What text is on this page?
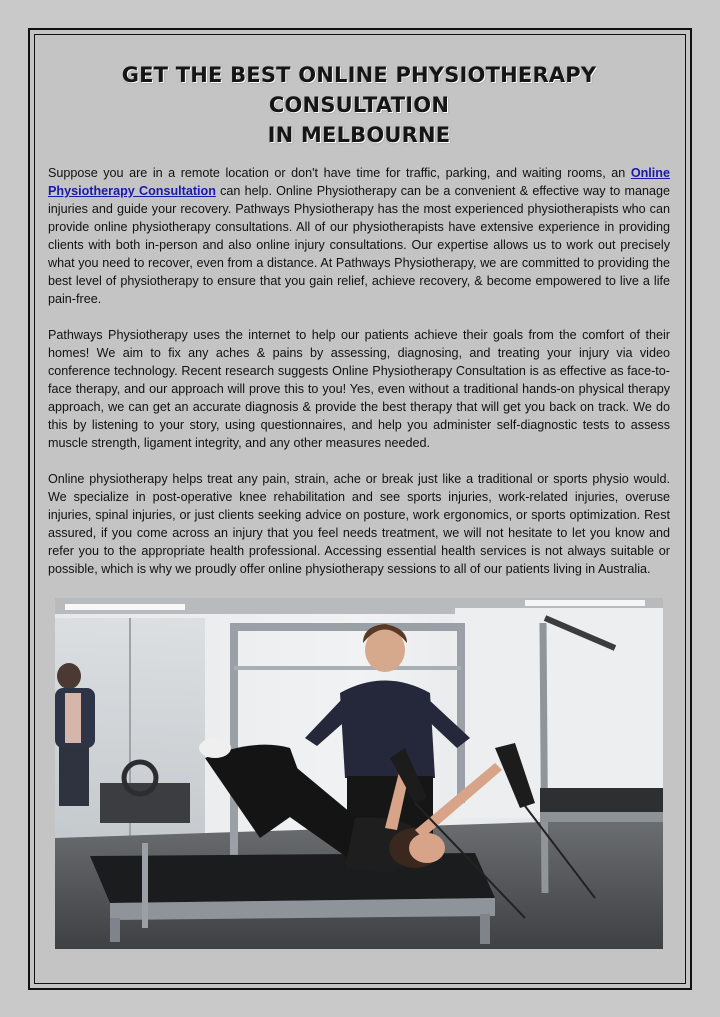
GET THE BEST ONLINE PHYSIOTHERAPY CONSULTATION
IN MELBOURNE

Suppose you are in a remote location or don't have time for traffic, parking, and waiting rooms, an Online Physiotherapy Consultation can help. Online Physiotherapy can be a convenient & effective way to manage injuries and guide your recovery. Pathways Physiotherapy has the most experienced physiotherapists who can provide online physiotherapy consultations. All of our physiotherapists have extensive experience in providing clients with both in-person and also online injury consultations. Our expertise allows us to work out precisely what you need to recover, even from a distance. At Pathways Physiotherapy, we are committed to providing the best level of physiotherapy to ensure that you gain relief, achieve recovery, & become empowered to live a life pain-free.

Pathways Physiotherapy uses the internet to help our patients achieve their goals from the comfort of their homes! We aim to fix any aches & pains by assessing, diagnosing, and treating your injury via video conference technology. Recent research suggests Online Physiotherapy Consultation is as effective as face-to-face therapy, and our approach will prove this to you! Yes, even without a traditional hands-on physical therapy approach, we can get an accurate diagnosis & provide the best therapy that will get you back on track. We do this by listening to your story, using questionnaires, and help you administer self-diagnostic tests to assess muscle strength, ligament integrity, and any other measures needed.

Online physiotherapy helps treat any pain, strain, ache or break just like a traditional or sports physio would. We specialize in post-operative knee rehabilitation and see sports injuries, work-related injuries, overuse injuries, spinal injuries, or just clients seeking advice on posture, work ergonomics, or sports optimization. Rest assured, if you come across an injury that you feel needs treatment, we will not hesitate to let you know and refer you to the appropriate health professional. Accessing essential health services is not always suitable or possible, which is why we proudly offer online physiotherapy sessions to all of our patients living in Australia.
